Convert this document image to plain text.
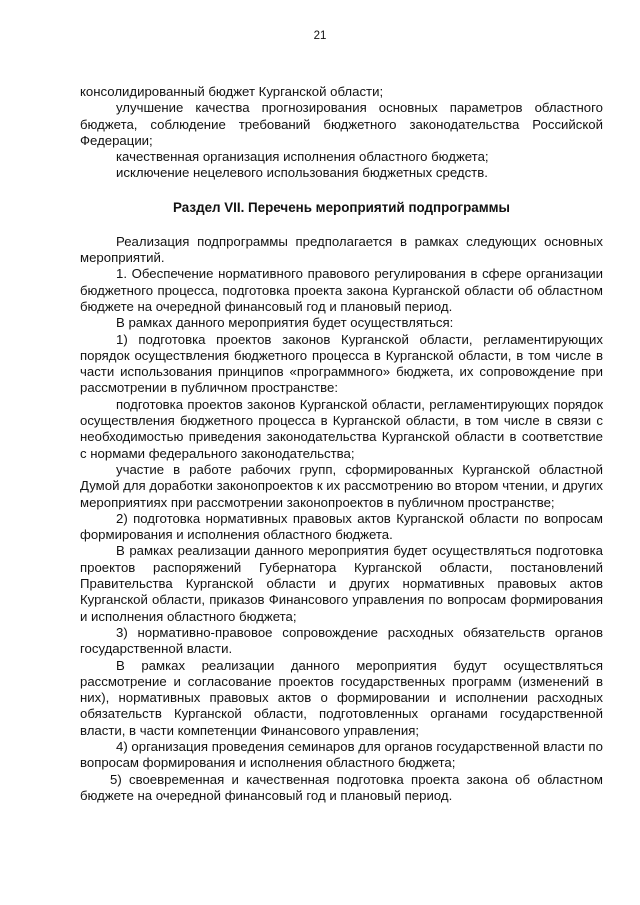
21

консолидированный бюджет Курганской области;

улучшение качества прогнозирования основных параметров областного бюджета, соблюдение требований бюджетного законодательства Российской Федерации;

качественная организация исполнения областного бюджета;

исключение нецелевого использования бюджетных средств.

Раздел VII. Перечень мероприятий подпрограммы

Реализация подпрограммы предполагается в рамках следующих основных мероприятий.

1. Обеспечение нормативного правового регулирования в сфере организации бюджетного процесса, подготовка проекта закона Курганской области об областном бюджете на очередной финансовый год и плановый период.

В рамках данного мероприятия будет осуществляться:

1) подготовка проектов законов Курганской области, регламентирующих порядок осуществления бюджетного процесса в Курганской области, в том числе в части использования принципов «программного» бюджета, их сопровождение при рассмотрении в публичном пространстве:

подготовка проектов законов Курганской области, регламентирующих порядок осуществления бюджетного процесса в Курганской области, в том числе в связи с необходимостью приведения законодательства Курганской области в соответствие с нормами федерального законодательства;

участие в работе рабочих групп, сформированных Курганской областной Думой для доработки законопроектов к их рассмотрению во втором чтении, и других мероприятиях при рассмотрении законопроектов в публичном пространстве;

2) подготовка нормативных правовых актов Курганской области по вопросам формирования и исполнения областного бюджета.

В рамках реализации данного мероприятия будет осуществляться подготовка проектов распоряжений Губернатора Курганской области, постановлений Правительства Курганской области и других нормативных правовых актов Курганской области, приказов Финансового управления по вопросам формирования и исполнения областного бюджета;

3) нормативно-правовое сопровождение расходных обязательств органов государственной власти.

В рамках реализации данного мероприятия будут осуществляться рассмотрение и согласование проектов государственных программ (изменений в них), нормативных правовых актов о формировании и исполнении расходных обязательств Курганской области, подготовленных органами государственной власти, в части компетенции Финансового управления;

4) организация проведения семинаров для органов государственной власти по вопросам формирования и исполнения областного бюджета;

5) своевременная и качественная подготовка проекта закона об областном бюджете на очередной финансовый год и плановый период.
